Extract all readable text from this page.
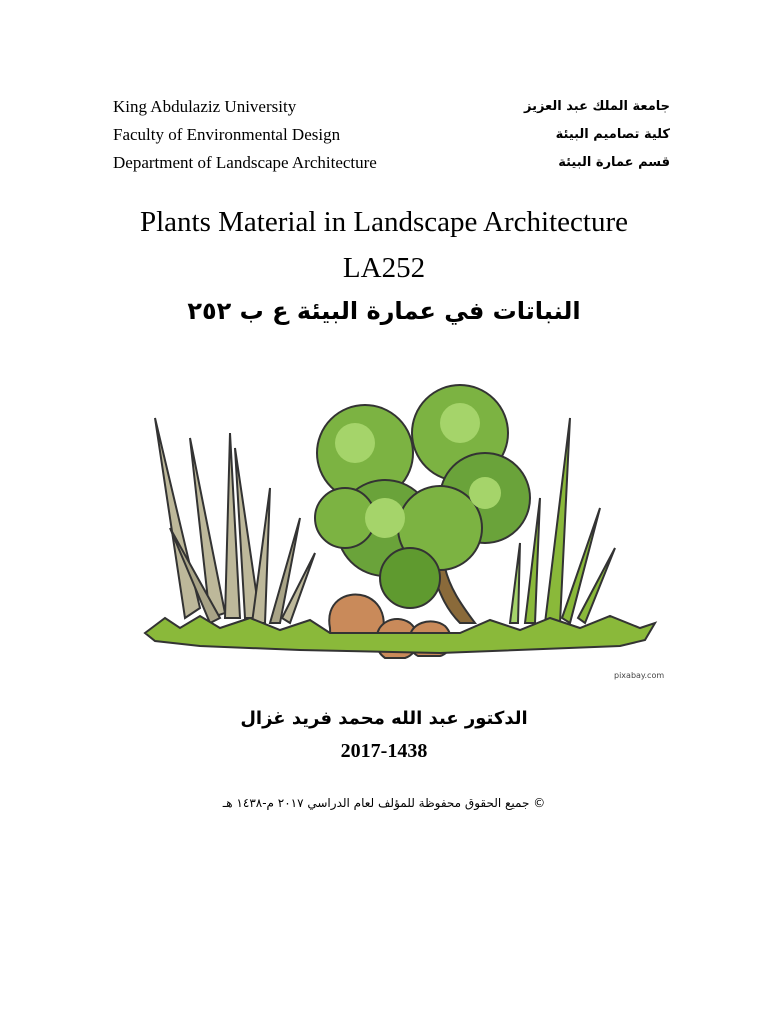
King Abdulaziz University	جامعة الملك عبد العزيز
Faculty of Environmental Design	كلية تصاميم البيئة
Department of Landscape Architecture	قسم عمارة البيئة
Plants Material in Landscape Architecture
LA252
النباتات في عمارة البيئة ع ب ٢٥٢
pixabay.com
الدكتور عبد الله محمد فريد غزال
2017-1438
© جميع الحقوق محفوظة للمؤلف لعام الدراسي ٢٠١٧ م-١٤٣٨ هـ
